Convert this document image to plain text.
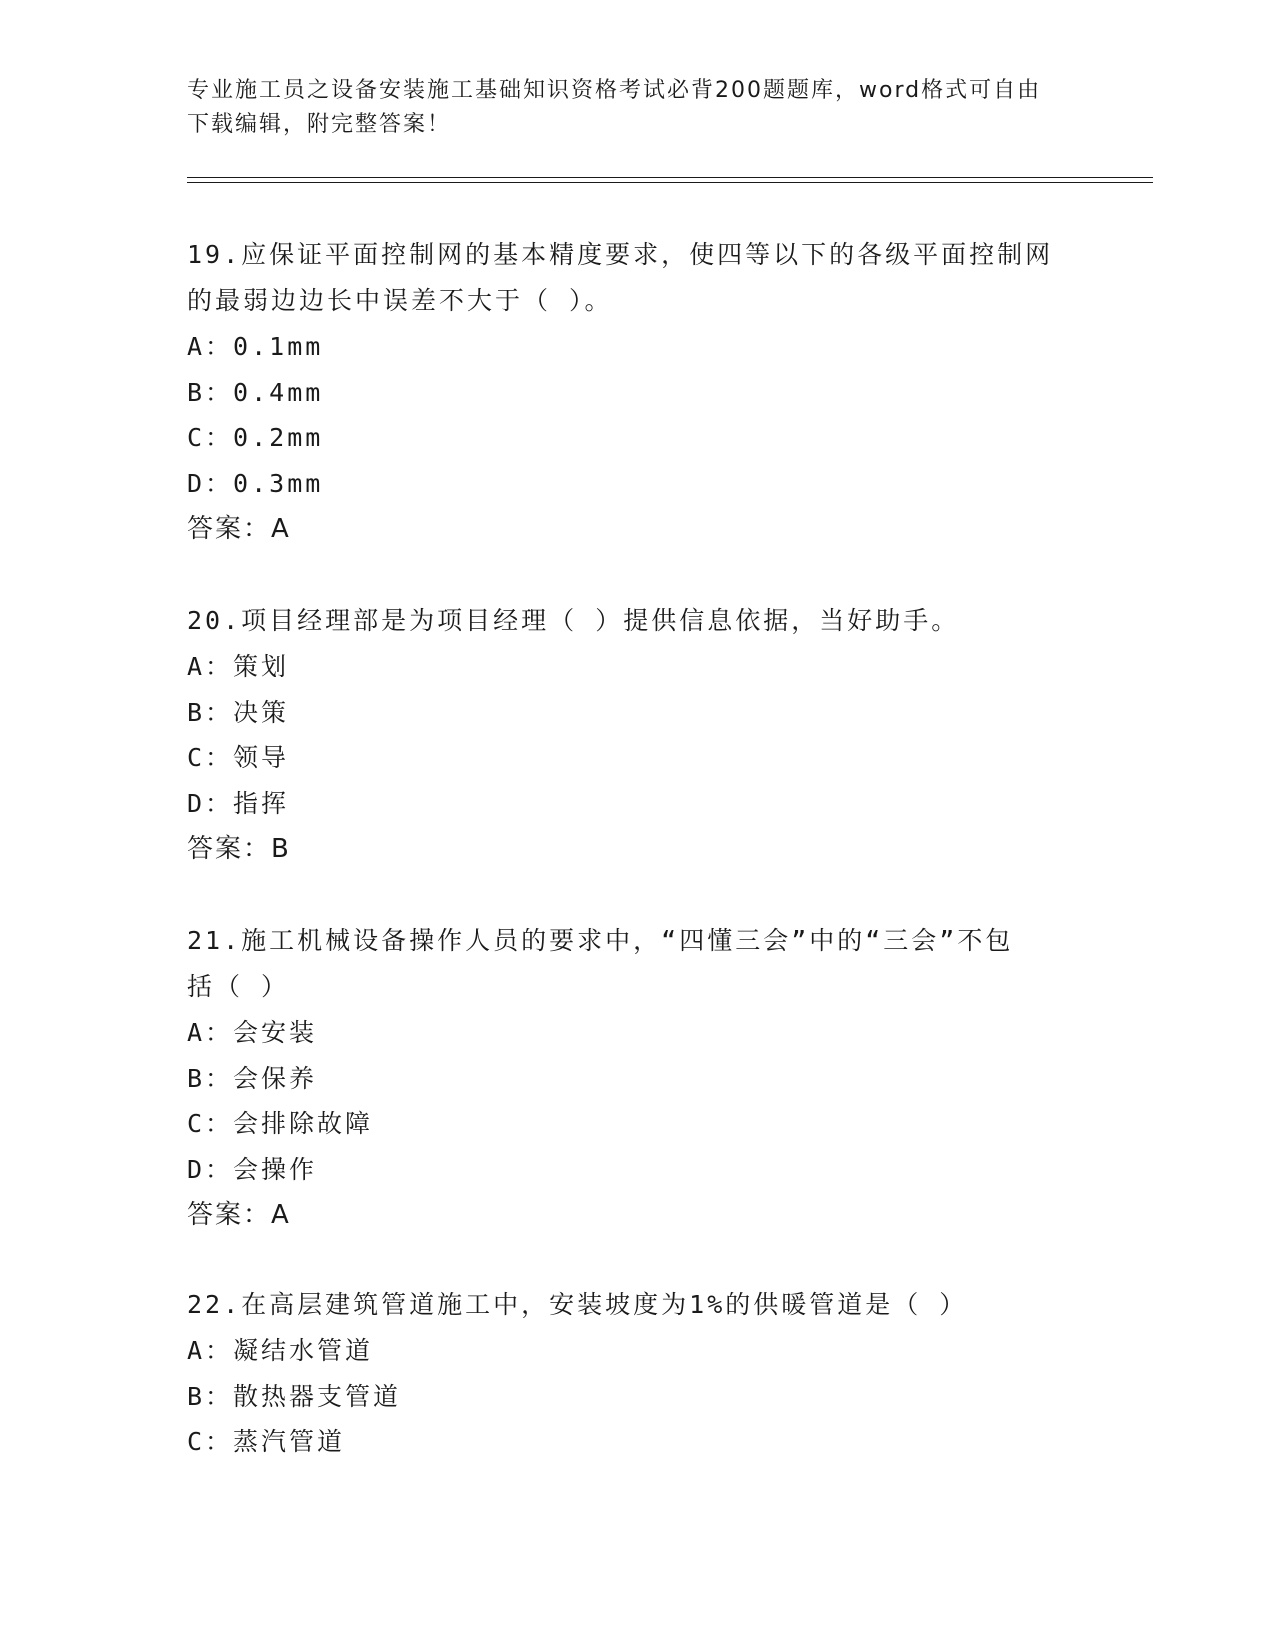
专业施工员之设备安装施工基础知识资格考试必背200题题库，word格式可自由
下载编辑，附完整答案！

19.应保证平面控制网的基本精度要求，使四等以下的各级平面控制网

的最弱边边长中误差不大于（ ）。

A：0.1mm

B：0.4mm

C：0.2mm

D：0.3mm

答案：A

20.项目经理部是为项目经理（ ）提供信息依据，当好助手。

A：策划

B：决策

C：领导

D：指挥

答案：B

21.施工机械设备操作人员的要求中，“四懂三会”中的“三会”不包

括（ ）

A：会安装

B：会保养

C：会排除故障

D：会操作

答案：A

22.在高层建筑管道施工中，安装坡度为1%的供暖管道是（ ）

A：凝结水管道

B：散热器支管道

C：蒸汽管道
